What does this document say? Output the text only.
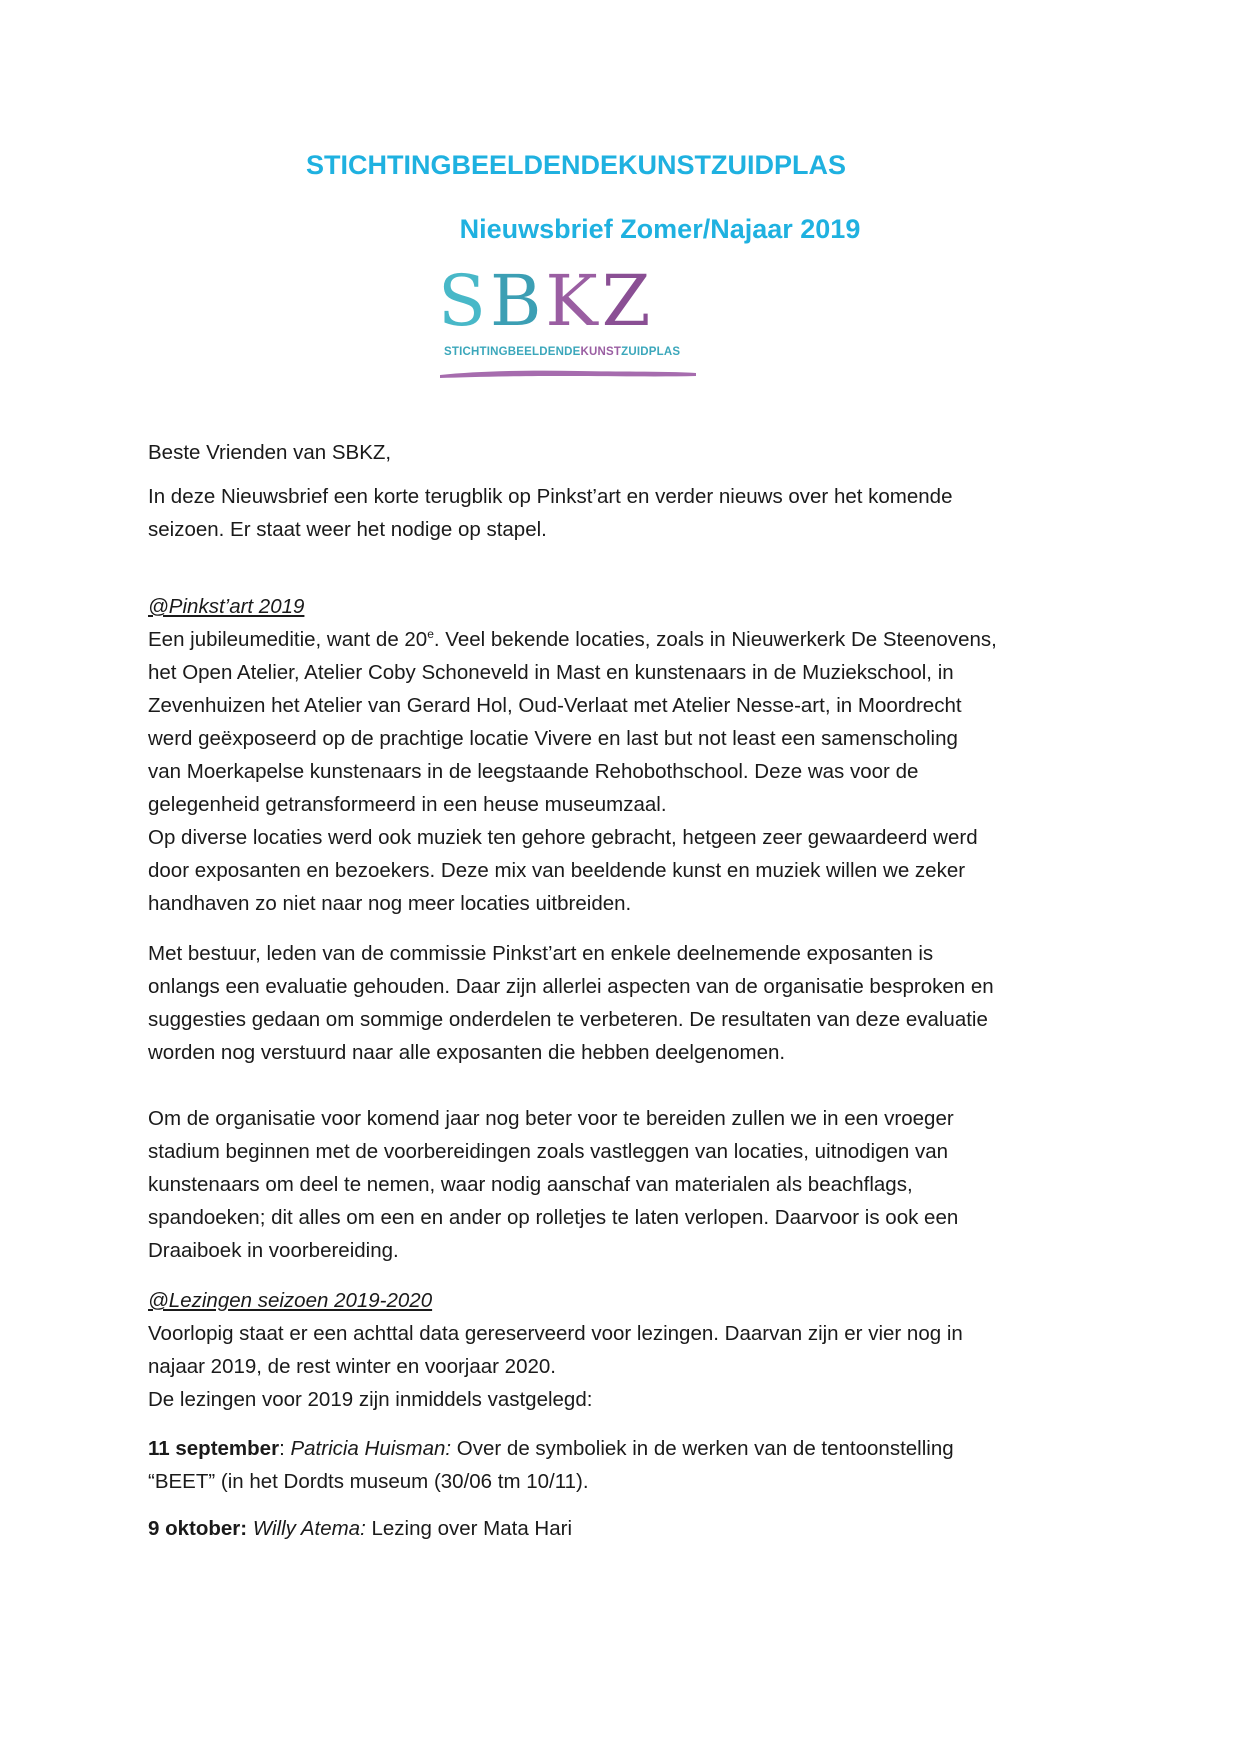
STICHTINGBEELDENDEKUNSTZUIDPLAS
Nieuwsbrief Zomer/Najaar 2019
SBKZ
STICHTINGBEELDENDEKUNSTZUIDPLAS

Beste Vrienden van SBKZ,

In deze Nieuwsbrief een korte terugblik op Pinkst’art en verder nieuws over het komende

seizoen. Er staat weer het nodige op stapel.

@Pinkst’art 2019

Een jubileumeditie, want de 20e. Veel bekende locaties, zoals in Nieuwerkerk De Steenovens,

het Open Atelier, Atelier Coby Schoneveld in Mast en kunstenaars in de Muziekschool, in

Zevenhuizen het Atelier van Gerard Hol, Oud-Verlaat met Atelier Nesse-art, in Moordrecht

werd geëxposeerd op de prachtige locatie Vivere en last but not least een samenscholing

van Moerkapelse kunstenaars in de leegstaande Rehobothschool. Deze was voor de

gelegenheid getransformeerd in een heuse museumzaal.

Op diverse locaties werd ook muziek ten gehore gebracht, hetgeen zeer gewaardeerd werd

door exposanten en bezoekers. Deze mix van beeldende kunst en muziek willen we zeker

handhaven zo niet naar nog meer locaties uitbreiden.

Met bestuur, leden van de commissie Pinkst’art en enkele deelnemende exposanten is

onlangs een evaluatie gehouden. Daar zijn allerlei aspecten van de organisatie besproken en

suggesties gedaan om sommige onderdelen te verbeteren. De resultaten van deze evaluatie

worden nog verstuurd naar alle exposanten die hebben deelgenomen.

Om de organisatie voor komend jaar nog beter voor te bereiden zullen we in een vroeger

stadium beginnen met de voorbereidingen zoals vastleggen van locaties, uitnodigen van

kunstenaars om deel te nemen, waar nodig aanschaf van materialen als beachflags,

spandoeken; dit alles om een en ander op rolletjes te laten verlopen. Daarvoor is ook een

Draaiboek in voorbereiding.

@Lezingen seizoen 2019-2020

Voorlopig staat er een achttal data gereserveerd voor lezingen. Daarvan zijn er vier nog in

najaar 2019, de rest winter en voorjaar 2020.

De lezingen voor 2019 zijn inmiddels vastgelegd:

11 september: Patricia Huisman: Over de symboliek in de werken van de tentoonstelling

“BEET” (in het Dordts museum (30/06 tm 10/11).

9 oktober: Willy Atema: Lezing over Mata Hari
